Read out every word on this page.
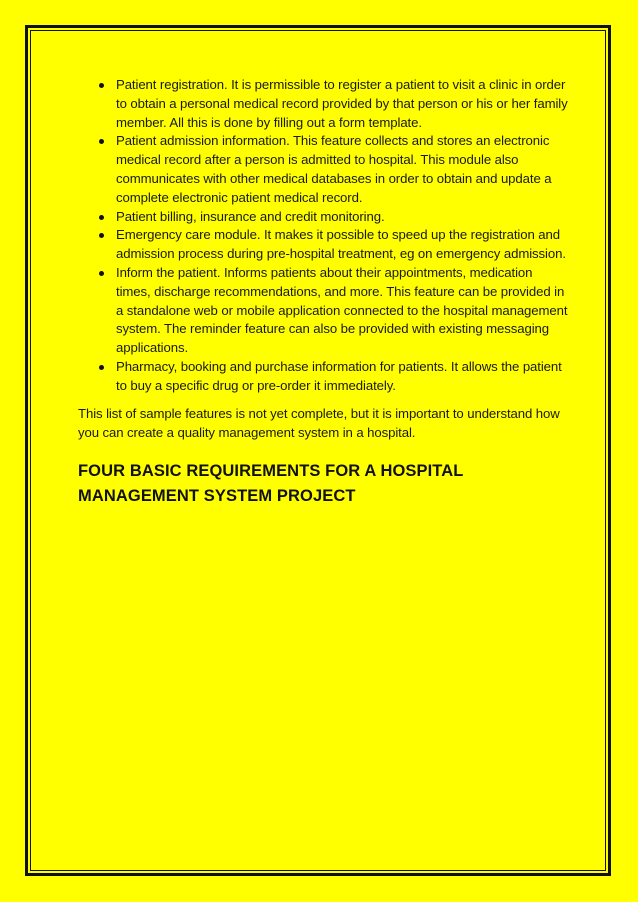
Patient registration. It is permissible to register a patient to visit a clinic in order to obtain a personal medical record provided by that person or his or her family member. All this is done by filling out a form template.
Patient admission information. This feature collects and stores an electronic medical record after a person is admitted to hospital. This module also communicates with other medical databases in order to obtain and update a complete electronic patient medical record.
Patient billing, insurance and credit monitoring.
Emergency care module. It makes it possible to speed up the registration and admission process during pre-hospital treatment, eg on emergency admission.
Inform the patient. Informs patients about their appointments, medication times, discharge recommendations, and more. This feature can be provided in a standalone web or mobile application connected to the hospital management system. The reminder feature can also be provided with existing messaging applications.
Pharmacy, booking and purchase information for patients. It allows the patient to buy a specific drug or pre-order it immediately.

This list of sample features is not yet complete, but it is important to understand how you can create a quality management system in a hospital.

FOUR BASIC REQUIREMENTS FOR A HOSPITAL MANAGEMENT SYSTEM PROJECT
